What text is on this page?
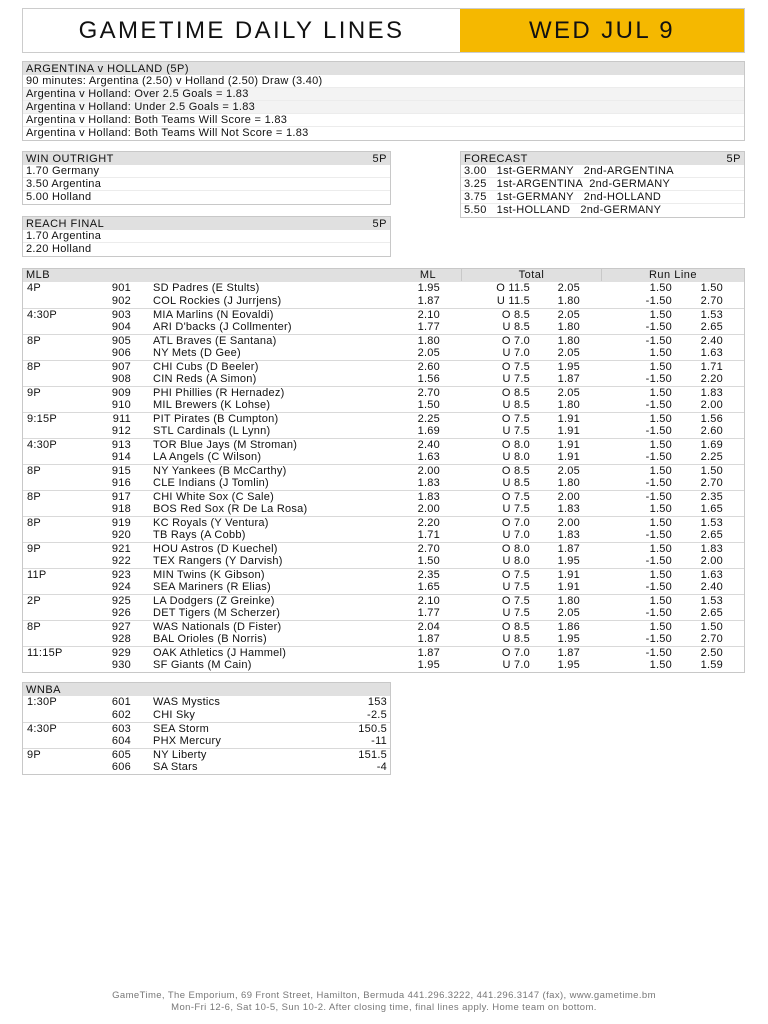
GAMETIME DAILY LINES	WED JUL 9
ARGENTINA v HOLLAND (5P)
90 minutes: Argentina (2.50) v Holland (2.50) Draw (3.40)
Argentina v Holland: Over 2.5 Goals = 1.83
Argentina v Holland: Under 2.5 Goals = 1.83
Argentina v Holland: Both Teams Will Score = 1.83
Argentina v Holland: Both Teams Will Not Score = 1.83
WIN OUTRIGHT	5P
1.70 Germany
3.50 Argentina
5.00 Holland
REACH FINAL	5P
1.70 Argentina
2.20 Holland
FORECAST	5P
3.00   1st-GERMANY   2nd-ARGENTINA
3.25   1st-ARGENTINA  2nd-GERMANY
3.75   1st-GERMANY   2nd-HOLLAND
5.50   1st-HOLLAND   2nd-GERMANY
MLB	ML	Total	Run Line
4P	901 SD Padres (E Stults)	1.95	O 11.5	2.05	1.50	1.50
902 COL Rockies (J Jurrjens)	1.87	U 11.5	1.80	-1.50	2.70
4:30P	903 MIA Marlins (N Eovaldi)	2.10	O 8.5	2.05	1.50	1.53
904 ARI D'backs (J Collmenter)	1.77	U 8.5	1.80	-1.50	2.65
8P	905 ATL Braves (E Santana)	1.80	O 7.0	1.80	-1.50	2.40
906 NY Mets (D Gee)	2.05	U 7.0	2.05	1.50	1.63
8P	907 CHI Cubs (D Beeler)	2.60	O 7.5	1.95	1.50	1.71
908 CIN Reds (A Simon)	1.56	U 7.5	1.87	-1.50	2.20
9P	909 PHI Phillies (R Hernadez)	2.70	O 8.5	2.05	1.50	1.83
910 MIL Brewers (K Lohse)	1.50	U 8.5	1.80	-1.50	2.00
9:15P	911 PIT Pirates (B Cumpton)	2.25	O 7.5	1.91	1.50	1.56
912 STL Cardinals (L Lynn)	1.69	U 7.5	1.91	-1.50	2.60
4:30P	913 TOR Blue Jays (M Stroman)	2.40	O 8.0	1.91	1.50	1.69
914 LA Angels (C Wilson)	1.63	U 8.0	1.91	-1.50	2.25
8P	915 NY Yankees (B McCarthy)	2.00	O 8.5	2.05	1.50	1.50
916 CLE Indians (J Tomlin)	1.83	U 8.5	1.80	-1.50	2.70
8P	917 CHI White Sox (C Sale)	1.83	O 7.5	2.00	-1.50	2.35
918 BOS Red Sox (R De La Rosa)	2.00	U 7.5	1.83	1.50	1.65
8P	919 KC Royals (Y Ventura)	2.20	O 7.0	2.00	1.50	1.53
920 TB Rays (A Cobb)	1.71	U 7.0	1.83	-1.50	2.65
9P	921 HOU Astros (D Kuechel)	2.70	O 8.0	1.87	1.50	1.83
922 TEX Rangers (Y Darvish)	1.50	U 8.0	1.95	-1.50	2.00
11P	923 MIN Twins (K Gibson)	2.35	O 7.5	1.91	1.50	1.63
924 SEA Mariners (R Elias)	1.65	U 7.5	1.91	-1.50	2.40
2P	925 LA Dodgers (Z Greinke)	2.10	O 7.5	1.80	1.50	1.53
926 DET Tigers (M Scherzer)	1.77	U 7.5	2.05	-1.50	2.65
8P	927 WAS Nationals (D Fister)	2.04	O 8.5	1.86	1.50	1.50
928 BAL Orioles (B Norris)	1.87	U 8.5	1.95	-1.50	2.70
11:15P	929 OAK Athletics (J Hammel)	1.87	O 7.0	1.87	-1.50	2.50
930 SF Giants (M Cain)	1.95	U 7.0	1.95	1.50	1.59
WNBA
1:30P	601 WAS Mystics	153
602 CHI Sky	-2.5
4:30P	603 SEA Storm	150.5
604 PHX Mercury	-11
9P	605 NY Liberty	151.5
606 SA Stars	-4
GameTime, The Emporium, 69 Front Street, Hamilton, Bermuda 441.296.3222, 441.296.3147 (fax), www.gametime.bm
Mon-Fri 12-6, Sat 10-5, Sun 10-2. After closing time, final lines apply. Home team on bottom.
